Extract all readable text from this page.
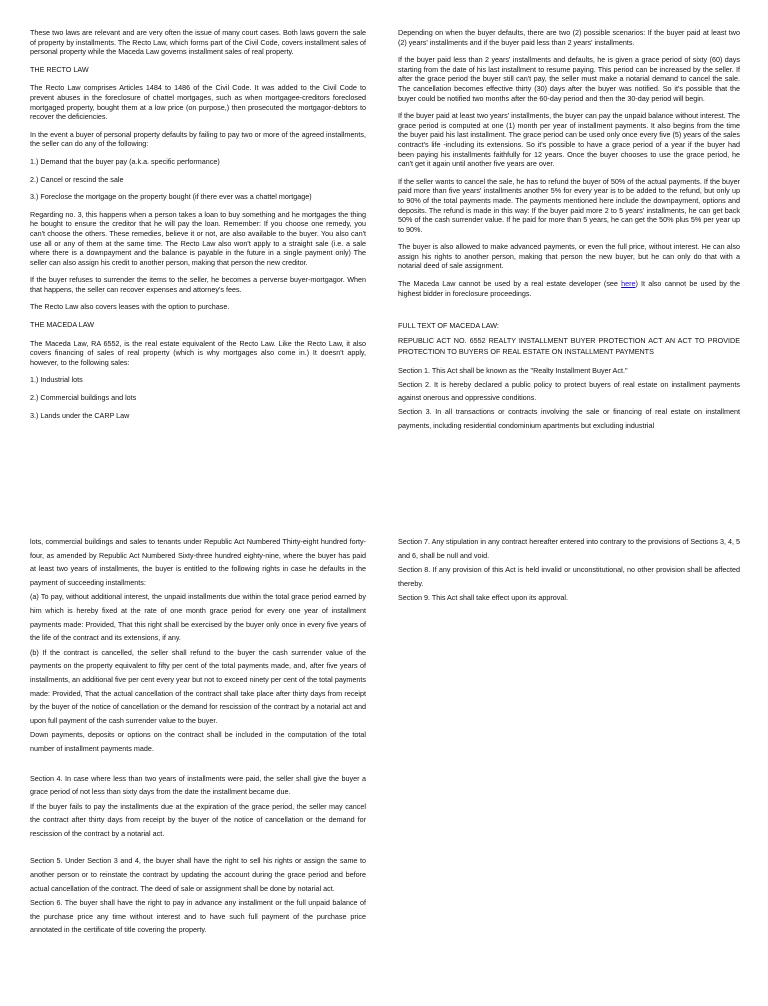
These two laws are relevant and are very often the issue of many court cases. Both laws govern the sale of property by installments. The Recto Law, which forms part of the Civil Code, covers installment sales of personal property while the Maceda Law governs installment sales of real property.

THE RECTO LAW

The Recto Law comprises Articles 1484 to 1486 of the Civil Code. It was added to the Civil Code to prevent abuses in the foreclosure of chattel mortgages, such as when mortgagee-creditors foreclosed mortgaged property, bought them at a low price (on purpose,) then prosecuted the mortgagor-debtors to recover the deficiencies.

In the event a buyer of personal property defaults by failing to pay two or more of the agreed installments, the seller can do any of the following:

1.) Demand that the buyer pay (a.k.a. specific performance)

2.) Cancel or rescind the sale

3.) Foreclose the mortgage on the property bought (if there ever was a chattel mortgage)

Regarding no. 3, this happens when a person takes a loan to buy something and he mortgages the thing he bought to ensure the creditor that he will pay the loan. Remember: If you choose one remedy, you can't choose the others. These remedies, believe it or not, are also available to the buyer. You also can't use all or any of them at the same time. The Recto Law also won't apply to a straight sale (i.e. a sale where there is a downpayment and the balance is payable in the future in a single payment only) The seller can also assign his credit to another person, making that person the new creditor.

If the buyer refuses to surrender the items to the seller, he becomes a perverse buyer-mortgagor. When that happens, the seller can recover expenses and attorney's fees.

The Recto Law also covers leases with the option to purchase.

THE MACEDA LAW

The Maceda Law, RA 6552, is the real estate equivalent of the Recto Law. Like the Recto Law, it also covers financing of sales of real property (which is why mortgages also come in.) It doesn't apply, however, to the following sales:

1.) Industrial lots

2.) Commercial buildings and lots

3.) Lands under the CARP Law

Depending on when the buyer defaults, there are two (2) possible scenarios: If the buyer paid at least two (2) years' installments and if the buyer paid less than 2 years' installments.

If the buyer paid less than 2 years' installments and defaults, he is given a grace period of sixty (60) days starting from the date of his last installment to resume paying. This period can be increased by the seller. If after the grace period the buyer still can't pay, the seller must make a notarial demand to cancel the sale. The cancellation becomes effective thirty (30) days after the buyer was notified. So it's possible that the buyer could be notified two months after the 60-day period and then the 30-day period will begin.

If the buyer paid at least two years' installments, the buyer can pay the unpaid balance without interest. The grace period is computed at one (1) month per year of installment payments. It also begins from the time the buyer paid his last installment. The grace period can be used only once every five (5) years of the sales contract's life -including its extensions. So it's possible to have a grace period of a year if the buyer had been paying his installments faithfully for 12 years. Once the buyer chooses to use the grace period, he can't get it again until another five years are over.

If the seller wants to cancel the sale, he has to refund the buyer of 50% of the actual payments. If the buyer paid more than five years' installments another 5% for every year is to be added to the refund, but only up to 90% of the total payments made. The payments mentioned here include the downpayment, options and deposits. The refund is made in this way: If the buyer paid more 2 to 5 years' installments, he can get back 50% of the cash surrender value. If he paid for more than 5 years, he can get the 50% plus 5% per year up to 90%.

The buyer is also allowed to make advanced payments, or even the full price, without interest. He can also assign his rights to another person, making that person the new buyer, but he can only do that with a notarial deed of sale assignment.

The Maceda Law cannot be used by a real estate developer (see here) It also cannot be used by the highest bidder in foreclosure proceedings.

FULL TEXT OF MACEDA LAW:

REPUBLIC ACT NO. 6552 REALTY INSTALLMENT BUYER PROTECTION ACT AN ACT TO PROVIDE PROTECTION TO BUYERS OF REAL ESTATE ON INSTALLMENT PAYMENTS

Section 1. This Act shall be known as the "Realty Installment Buyer Act."

Section 2. It is hereby declared a public policy to protect buyers of real estate on installment payments against onerous and oppressive conditions.

Section 3. In all transactions or contracts involving the sale or financing of real estate on installment payments, including residential condominium apartments but excluding industrial

lots, commercial buildings and sales to tenants under Republic Act Numbered Thirty-eight hundred forty-four, as amended by Republic Act Numbered Sixty-three hundred eighty-nine, where the buyer has paid at least two years of installments, the buyer is entitled to the following rights in case he defaults in the payment of succeeding installments:

(a) To pay, without additional interest, the unpaid installments due within the total grace period earned by him which is hereby fixed at the rate of one month grace period for every one year of installment payments made: Provided, That this right shall be exercised by the buyer only once in every five years of the life of the contract and its extensions, if any.

(b) If the contract is cancelled, the seller shall refund to the buyer the cash surrender value of the payments on the property equivalent to fifty per cent of the total payments made, and, after five years of installments, an additional five per cent every year but not to exceed ninety per cent of the total payments made: Provided, That the actual cancellation of the contract shall take place after thirty days from receipt by the buyer of the notice of cancellation or the demand for rescission of the contract by a notarial act and upon full payment of the cash surrender value to the buyer.

Down payments, deposits or options on the contract shall be included in the computation of the total number of installment payments made.

Section 4. In case where less than two years of installments were paid, the seller shall give the buyer a grace period of not less than sixty days from the date the installment became due.

If the buyer fails to pay the installments due at the expiration of the grace period, the seller may cancel the contract after thirty days from receipt by the buyer of the notice of cancellation or the demand for rescission of the contract by a notarial act.

Section 5. Under Section 3 and 4, the buyer shall have the right to sell his rights or assign the same to another person or to reinstate the contract by updating the account during the grace period and before actual cancellation of the contract. The deed of sale or assignment shall be done by notarial act.

Section 6. The buyer shall have the right to pay in advance any installment or the full unpaid balance of the purchase price any time without interest and to have such full payment of the purchase price annotated in the certificate of title covering the property.

Section 7. Any stipulation in any contract hereafter entered into contrary to the provisions of Sections 3, 4, 5 and 6, shall be null and void.

Section 8. If any provision of this Act is held invalid or unconstitutional, no other provision shall be affected thereby.

Section 9. This Act shall take effect upon its approval.
